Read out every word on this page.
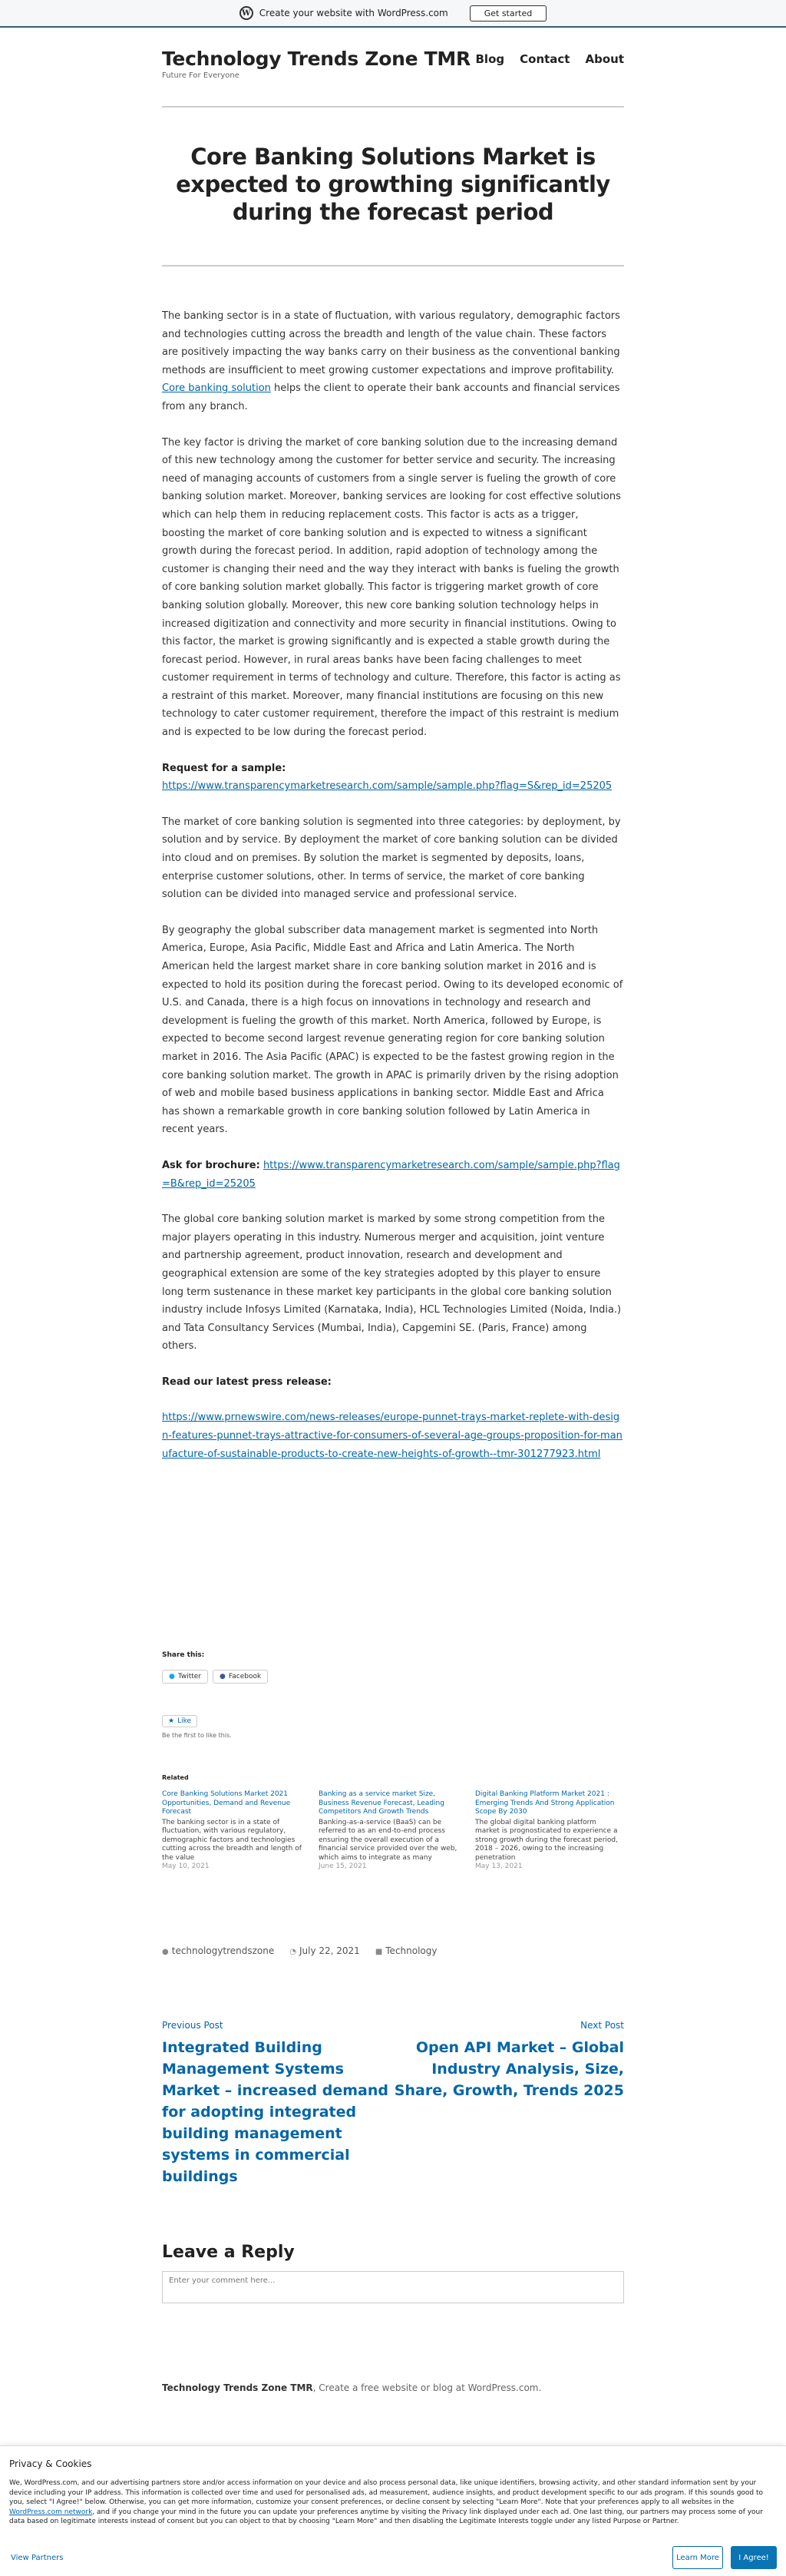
W Create your website with WordPress.com	Get started
Technology Trends Zone TMR
Future For Everyone
Blog Contact About
Core Banking Solutions Market is expected to growthing significantly during the forecast period

The banking sector is in a state of fluctuation, with various regulatory, demographic factors and technologies cutting across the breadth and length of the value chain. These factors are positively impacting the way banks carry on their business as the conventional banking methods are insufficient to meet growing customer expectations and improve profitability. Core banking solution helps the client to operate their bank accounts and financial services from any branch.

The key factor is driving the market of core banking solution due to the increasing demand of this new technology among the customer for better service and security. The increasing need of managing accounts of customers from a single server is fueling the growth of core banking solution market. Moreover, banking services are looking for cost effective solutions which can help them in reducing replacement costs. This factor is acts as a trigger, boosting the market of core banking solution and is expected to witness a significant growth during the forecast period. In addition, rapid adoption of technology among the customer is changing their need and the way they interact with banks is fueling the growth of core banking solution market globally. This factor is triggering market growth of core banking solution globally. Moreover, this new core banking solution technology helps in increased digitization and connectivity and more security in financial institutions. Owing to this factor, the market is growing significantly and is expected a stable growth during the forecast period. However, in rural areas banks have been facing challenges to meet customer requirement in terms of technology and culture. Therefore, this factor is acting as a restraint of this market. Moreover, many financial institutions are focusing on this new technology to cater customer requirement, therefore the impact of this restraint is medium and is expected to be low during the forecast period.

Request for a sample:
https://www.transparencymarketresearch.com/sample/sample.php?flag=S&rep_id=25205

The market of core banking solution is segmented into three categories: by deployment, by solution and by service. By deployment the market of core banking solution can be divided into cloud and on premises. By solution the market is segmented by deposits, loans, enterprise customer solutions, other. In terms of service, the market of core banking solution can be divided into managed service and professional service.

By geography the global subscriber data management market is segmented into North America, Europe, Asia Pacific, Middle East and Africa and Latin America. The North American held the largest market share in core banking solution market in 2016 and is expected to hold its position during the forecast period. Owing to its developed economic of U.S. and Canada, there is a high focus on innovations in technology and research and development is fueling the growth of this market. North America, followed by Europe, is expected to become second largest revenue generating region for core banking solution market in 2016. The Asia Pacific (APAC) is expected to be the fastest growing region in the core banking solution market. The growth in APAC is primarily driven by the rising adoption of web and mobile based business applications in banking sector. Middle East and Africa has shown a remarkable growth in core banking solution followed by Latin America in recent years.

Ask for brochure: https://www.transparencymarketresearch.com/sample/sample.php?flag=B&rep_id=25205

The global core banking solution market is marked by some strong competition from the major players operating in this industry. Numerous merger and acquisition, joint venture and partnership agreement, product innovation, research and development and geographical extension are some of the key strategies adopted by this player to ensure long term sustenance in these market key participants in the global core banking solution industry include Infosys Limited (Karnataka, India), HCL Technologies Limited (Noida, India.) and Tata Consultancy Services (Mumbai, India), Capgemini SE. (Paris, France) among others.

Read our latest press release:

https://www.prnewswire.com/news-releases/europe-punnet-trays-market-replete-with-design-features-punnet-trays-attractive-for-consumers-of-several-age-groups-proposition-for-manufacture-of-sustainable-products-to-create-new-heights-of-growth--tmr-301277923.html

Share this:
● Twitter	● Facebook
★ Like
Be the first to like this.
Related
Core Banking Solutions Market 2021 Opportunities, Demand and Revenue Forecast
The banking sector is in a state of fluctuation, with various regulatory, demographic factors and technologies cutting across the breadth and length of the value
May 10, 2021
Banking as a service market Size, Business Revenue Forecast, Leading Competitors And Growth Trends
Banking-as-a-service (BaaS) can be referred to as an end-to-end process ensuring the overall execution of a financial service provided over the web, which aims to integrate as many
June 15, 2021
Digital Banking Platform Market 2021 : Emerging Trends And Strong Application Scope By 2030
The global digital banking platform market is prognosticated to experience a strong growth during the forecast period, 2018 – 2026, owing to the increasing penetration
May 13, 2021
● technologytrendszone ◔ July 22, 2021 ■ Technology
Previous Post
Integrated Building Management Systems Market – increased demand for adopting integrated building management systems in commercial buildings
Next Post
Open API Market – Global Industry Analysis, Size, Share, Growth, Trends 2025
Leave a Reply
Enter your comment here...
Technology Trends Zone TMR, Create a free website or blog at WordPress.com.
Privacy & Cookies
We, WordPress.com, and our advertising partners store and/or access information on your device and also process personal data, like unique identifiers, browsing activity, and other standard information sent by your device including your IP address. This information is collected over time and used for personalised ads, ad measurement, audience insights, and product development specific to our ads program. If this sounds good to you, select "I Agree!" below. Otherwise, you can get more information, customize your consent preferences, or decline consent by selecting "Learn More". Note that your preferences apply to all websites in the WordPress.com network, and if you change your mind in the future you can update your preferences anytime by visiting the Privacy link displayed under each ad. One last thing, our partners may process some of your data based on legitimate interests instead of consent but you can object to that by choosing "Learn More" and then disabling the Legitimate Interests toggle under any listed Purpose or Partner.
View Partners	Learn More	I Agree!
